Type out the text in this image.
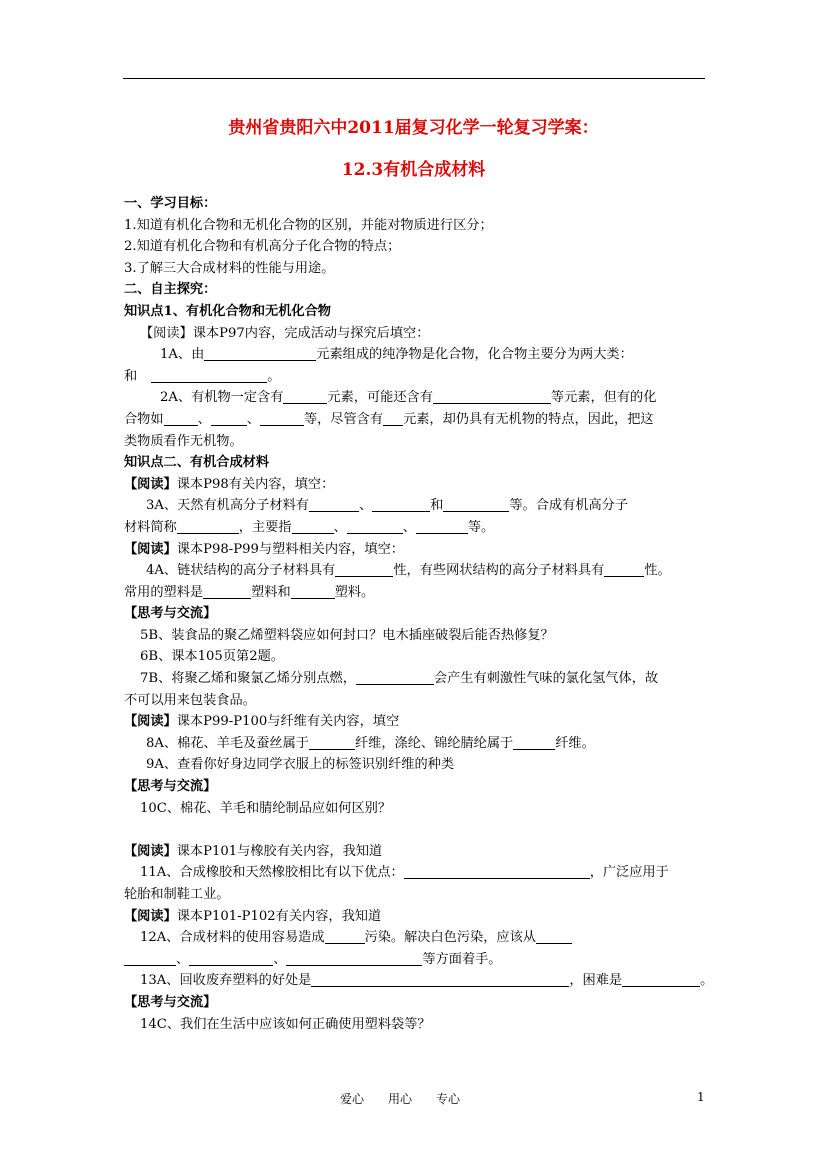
贵州省贵阳六中2011届复习化学一轮复习学案：
12.3有机合成材料
一、学习目标：
1.知道有机化合物和无机化合物的区别，并能对物质进行区分；
2.知道有机化合物和有机高分子化合物的特点；
3.了解三大合成材料的性能与用途。
二、自主探究：
知识点1、有机化合物和无机化合物
【阅读】课本P97内容，完成活动与探究后填空：
1A、由	元素组成的纯净物是化合物，化合物主要分为两大类：
和	。
2A、有机物一定含有	元素，可能还含有	等元素，但有的化
合物如	、	、	等，尽管含有 元素，却仍具有无机物的特点，因此，把这
类物质看作无机物。
知识点二、有机合成材料
【阅读】课本P98有关内容，填空：
3A、天然有机高分子材料有	、	和	等。合成有机高分子
材料简称	，主要指	、	、	等。
【阅读】课本P98-P99与塑料相关内容，填空：
4A、链状结构的高分子材料具有	性，有些网状结构的高分子材料具有	性。
常用的塑料是	塑料和	塑料。
【思考与交流】
5B、装食品的聚乙烯塑料袋应如何封口？电木插座破裂后能否热修复？
6B、课本105页第2题。
7B、将聚乙烯和聚氯乙烯分别点燃，	会产生有刺激性气味的氯化氢气体，故
不可以用来包装食品。
【阅读】课本P99-P100与纤维有关内容，填空
8A、棉花、羊毛及蚕丝属于	纤维，涤纶、锦纶腈纶属于	纤维。
9A、查看你好身边同学衣服上的标签识别纤维的种类
【思考与交流】
10C、棉花、羊毛和腈纶制品应如何区别？
【阅读】课本P101与橡胶有关内容，我知道
11A、合成橡胶和天然橡胶相比有以下优点：	，广泛应用于
轮胎和制鞋工业。
【阅读】课本P101-P102有关内容，我知道
12A、合成材料的使用容易造成	污染。解决白色污染，应该从
、	、	等方面着手。
13A、回收废弃塑料的好处是	，困难是	。
【思考与交流】
14C、我们在生活中应该如何正确使用塑料袋等？
爱心　　用心　　专心	1
